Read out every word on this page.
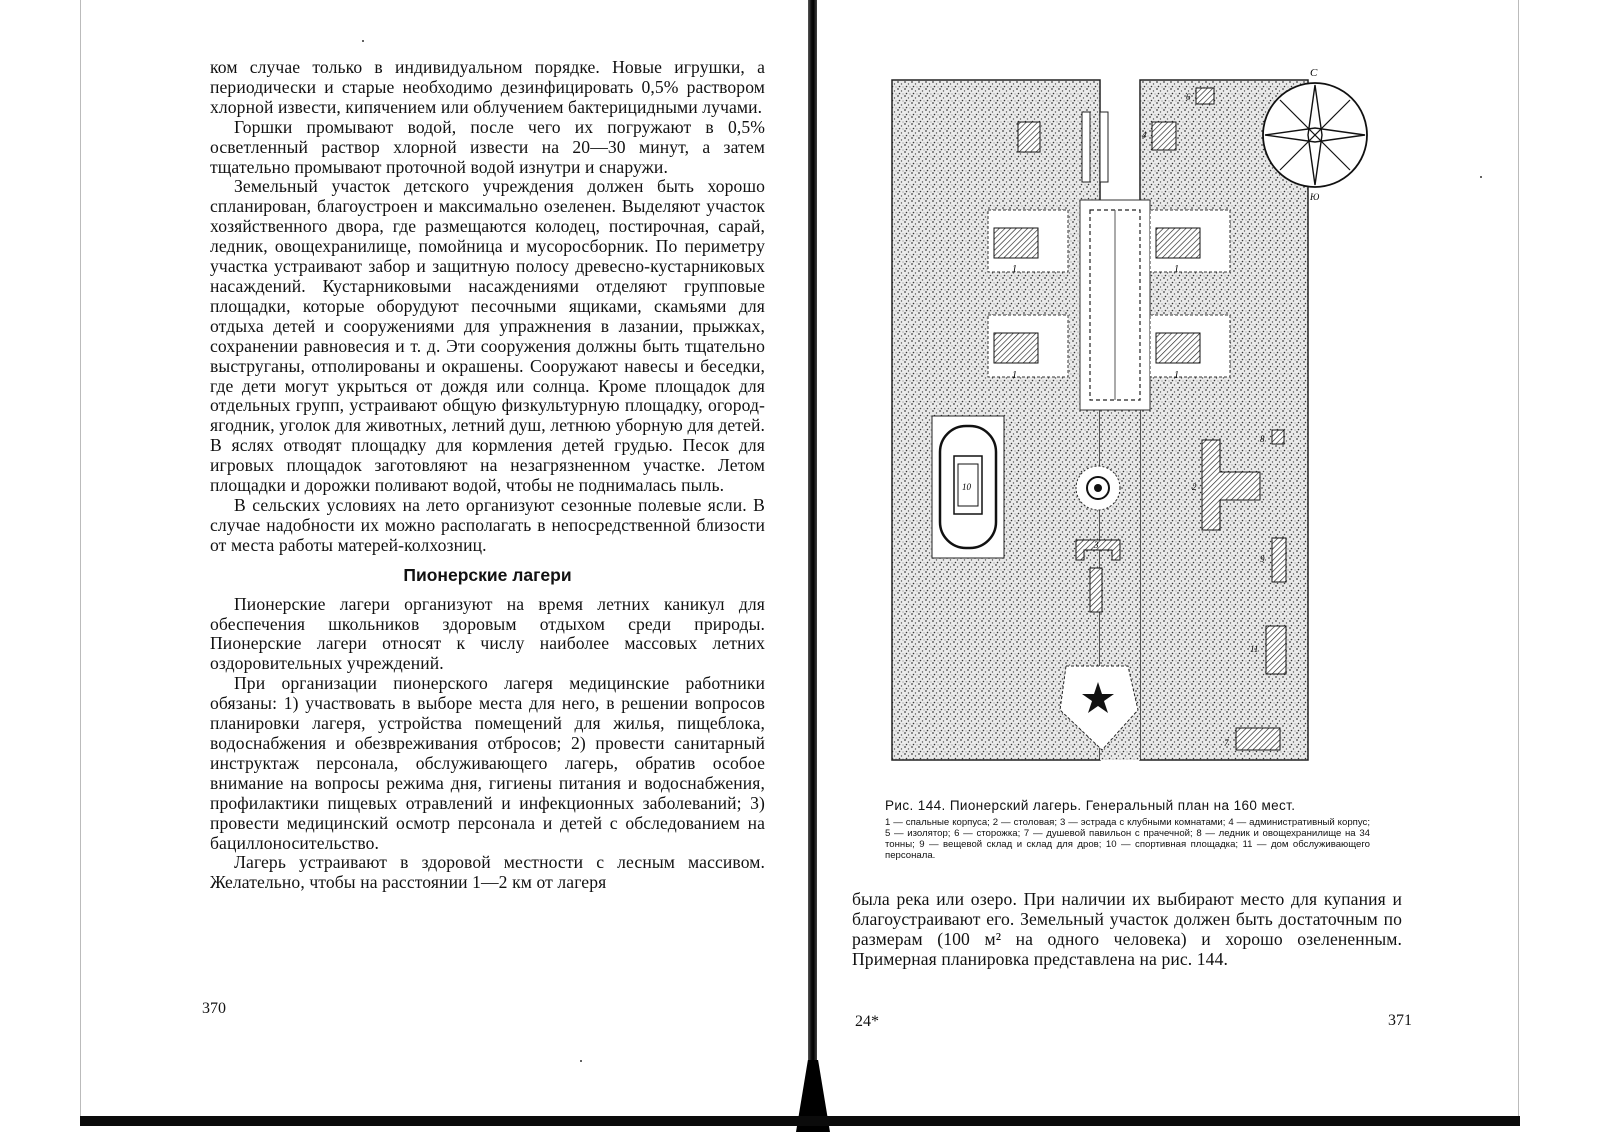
ком случае только в индивидуальном порядке. Новые игрушки, а периодически и старые необходимо дезинфицировать 0,5% раствором хлорной извести, кипячением или облучением бактерицидными лучами.

Горшки промывают водой, после чего их погружают в 0,5% осветленный раствор хлорной извести на 20—30 минут, а затем тщательно промывают проточной водой изнутри и снаружи.

Земельный участок детского учреждения должен быть хорошо спланирован, благоустроен и максимально озеленен. Выделяют участок хозяйственного двора, где размещаются колодец, постирочная, сарай, ледник, овощехранилище, помойница и мусоросборник. По периметру участка устраивают забор и защитную полосу древесно-кустарниковых насаждений. Кустарниковыми насаждениями отделяют групповые площадки, которые оборудуют песочными ящиками, скамьями для отдыха детей и сооружениями для упражнения в лазании, прыжках, сохранении равновесия и т. д. Эти сооружения должны быть тщательно выструганы, отполированы и окрашены. Сооружают навесы и беседки, где дети могут укрыться от дождя или солнца. Кроме площадок для отдельных групп, устраивают общую физкультурную площадку, огород-ягодник, уголок для животных, летний душ, летнюю уборную для детей. В яслях отводят площадку для кормления детей грудью. Песок для игровых площадок заготовляют на незагрязненном участке. Летом площадки и дорожки поливают водой, чтобы не поднималась пыль.

В сельских условиях на лето организуют сезонные полевые ясли. В случае надобности их можно располагать в непосредственной близости от места работы матерей-колхозниц.

Пионерские лагери

Пионерские лагери организуют на время летних каникул для обеспечения школьников здоровым отдыхом среди природы. Пионерские лагери относят к числу наиболее массовых летних оздоровительных учреждений.

При организации пионерского лагеря медицинские работники обязаны: 1) участвовать в выборе места для него, в решении вопросов планировки лагеря, устройства помещений для жилья, пищеблока, водоснабжения и обезвреживания отбросов; 2) провести санитарный инструктаж персонала, обслуживающего лагерь, обратив особое внимание на вопросы режима дня, гигиены питания и водоснабжения, профилактики пищевых отравлений и инфекционных заболеваний; 3) провести медицинский осмотр персонала и детей с обследованием на бациллоносительство.

Лагерь устраивают в здоровой местности с лесным массивом. Желательно, чтобы на расстоянии 1—2 км от лагеря

370
1	1
1	1
4
6
С
Ю
10	2
3
8
9
11
7

Рис. 144. Пионерский лагерь. Генеральный план на 160 мест.

1 — спальные корпуса; 2 — столовая; 3 — эстрада с клубными комнатами; 4 — административный корпус; 5 — изолятор; 6 — сторожка; 7 — душевой павильон с прачечной; 8 — ледник и овощехранилище на 34 тонны; 9 — вещевой склад и склад для дров; 10 — спортивная площадка; 11 — дом обслуживающего персонала.

была река или озеро. При наличии их выбирают место для купания и благоустраивают его. Земельный участок должен быть достаточным по размерам (100 м² на одного человека) и хорошо озелененным. Примерная планировка представлена на рис. 144.

24*	371
